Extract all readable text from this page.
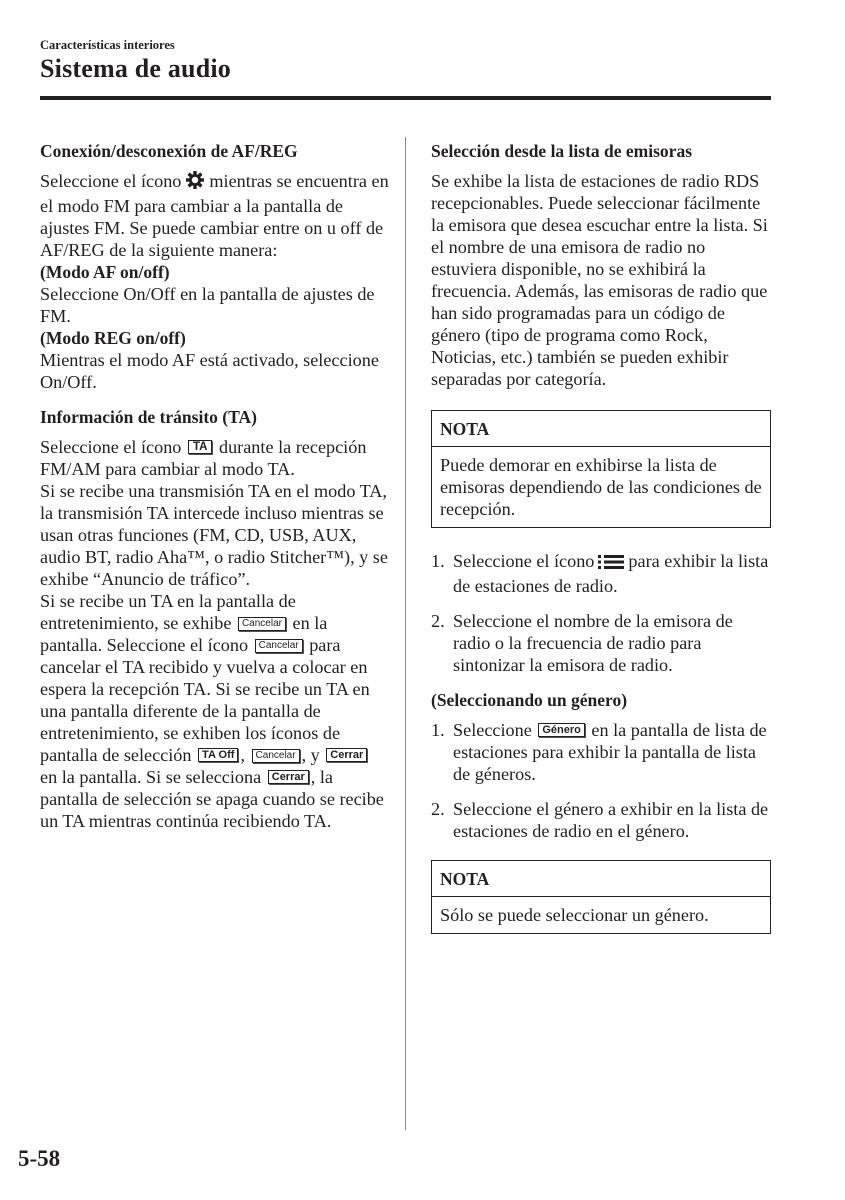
Características interiores
Sistema de audio
Conexión/desconexión de AF/REG

Seleccione el ícono mientras se encuentra en el modo FM para cambiar a la pantalla de ajustes FM. Se puede cambiar entre on u off de AF/REG de la siguiente manera:

(Modo AF on/off)

Seleccione On/Off en la pantalla de ajustes de FM.

(Modo REG on/off)

Mientras el modo AF está activado, seleccione On/Off.

Información de tránsito (TA)

Seleccione el ícono TA durante la recepción FM/AM para cambiar al modo TA.

Si se recibe una transmisión TA en el modo TA, la transmisión TA intercede incluso mientras se usan otras funciones (FM, CD, USB, AUX, audio BT, radio Aha™, o radio Stitcher™), y se exhibe “Anuncio de tráfico”.

Si se recibe un TA en la pantalla de entretenimiento, se exhibe Cancelar en la pantalla. Seleccione el ícono Cancelar para cancelar el TA recibido y vuelva a colocar en espera la recepción TA. Si se recibe un TA en una pantalla diferente de la pantalla de entretenimiento, se exhiben los íconos de pantalla de selección TA Off , Cancelar , y Cerrar en la pantalla. Si se selecciona Cerrar , la pantalla de selección se apaga cuando se recibe un TA mientras continúa recibiendo TA.

Selección desde la lista de emisoras

Se exhibe la lista de estaciones de radio RDS recepcionables. Puede seleccionar fácilmente la emisora que desea escuchar entre la lista. Si el nombre de una emisora de radio no estuviera disponible, no se exhibirá la frecuencia. Además, las emisoras de radio que han sido programadas para un código de género (tipo de programa como Rock, Noticias, etc.) también se pueden exhibir separadas por categoría.

NOTA
Puede demorar en exhibirse la lista de emisoras dependiendo de las condiciones de recepción.
1. Seleccione el ícono para exhibir la lista de estaciones de radio.
2. Seleccione el nombre de la emisora de radio o la frecuencia de radio para sintonizar la emisora de radio.
(Seleccionando un género)
1. Seleccione Género en la pantalla de lista de estaciones para exhibir la pantalla de lista de géneros.
2. Seleccione el género a exhibir en la lista de estaciones de radio en el género.
NOTA
Sólo se puede seleccionar un género.
5-58
